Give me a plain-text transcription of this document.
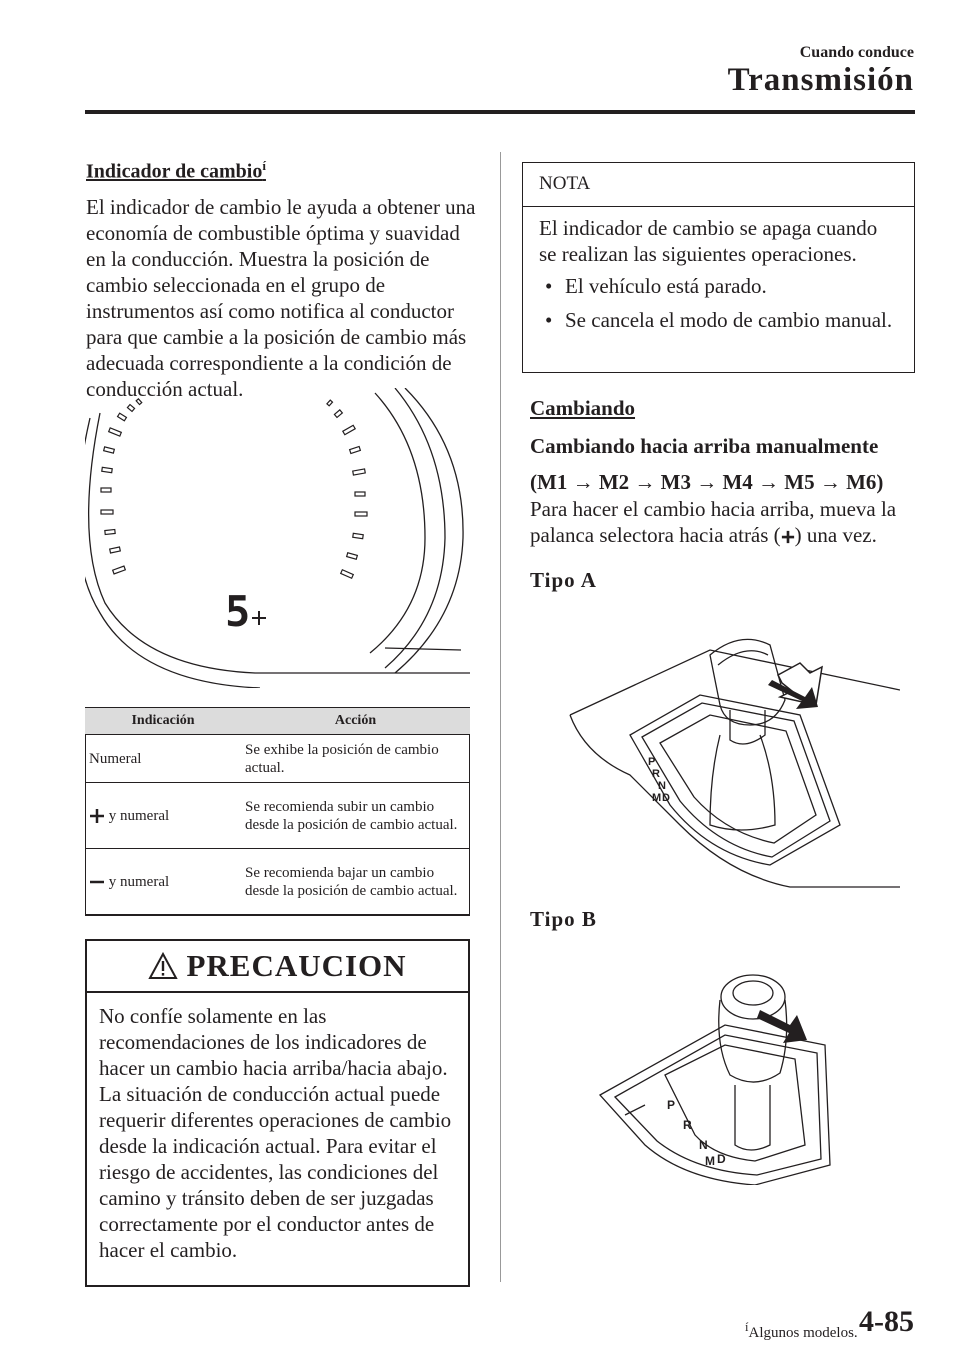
Cuando conduce
Transmisión
Indicador de cambio$^í$
El indicador de cambio le ayuda a obtener una economía de combustible óptima y suavidad en la conducción. Muestra la posición de cambio seleccionada en el grupo de instrumentos así como notifica al conductor para que cambie a la posición de cambio más adecuada correspondiente a la condición de conducción actual.
5
Indicación	Acción
Numeral	Se exhibe la posición de cambio actual.
y numeral	Se recomienda subir un cambio desde la posición de cambio actual.
y numeral	Se recomienda bajar un cambio desde la posición de cambio actual.
PRECAUCION
No confíe solamente en las recomendaciones de los indicadores de hacer un cambio hacia arriba/hacia abajo. La situación de conducción actual puede requerir diferentes operaciones de cambio desde la indicación actual. Para evitar el riesgo de accidentes, las condiciones del camino y tránsito deben de ser juzgadas correctamente por el conductor antes de hacer el cambio.
NOTA
El indicador de cambio se apaga cuando se realizan las siguientes operaciones.
• El vehículo está parado.
• Se cancela el modo de cambio manual.
Cambiando
Cambiando hacia arriba manualmente
(M1 → M2 → M3 → M4 → M5 → M6)
Para hacer el cambio hacia arriba, mueva la palanca selectora hacia atrás ( ) una vez.
Tipo A
P
R
N
M D
Tipo B
P
R
N
M D
$^í$Algunos modelos. 4-85
